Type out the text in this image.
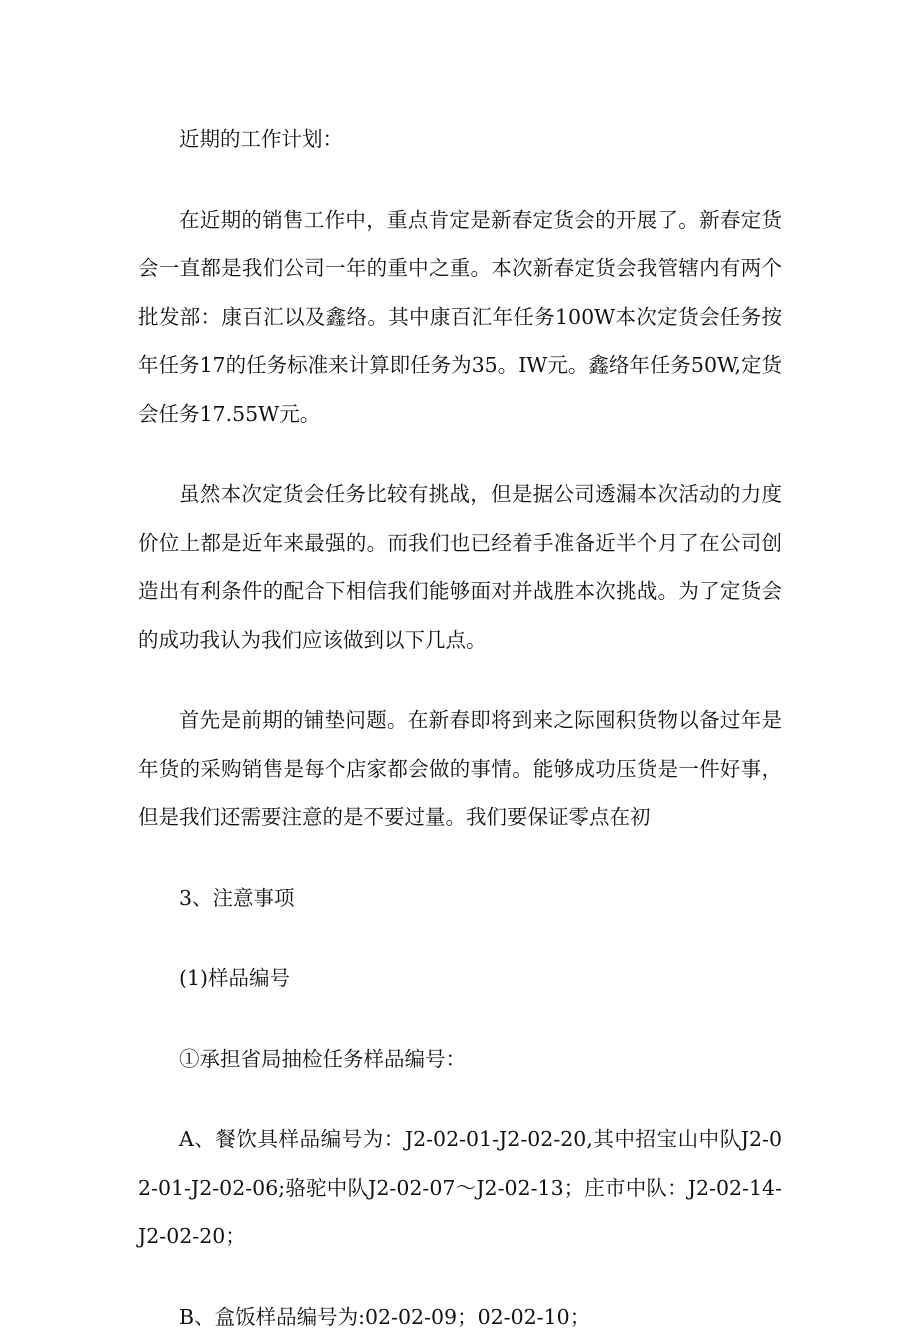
近期的工作计划：

在近期的销售工作中，重点肯定是新春定货会的开展了。新春定货会一直都是我们公司一年的重中之重。本次新春定货会我管辖内有两个批发部：康百汇以及鑫络。其中康百汇年任务100W本次定货会任务按年任务17的任务标准来计算即任务为35。IW元。鑫络年任务50W,定货会任务17.55W元。

虽然本次定货会任务比较有挑战，但是据公司透漏本次活动的力度价位上都是近年来最强的。而我们也已经着手准备近半个月了在公司创造出有利条件的配合下相信我们能够面对并战胜本次挑战。为了定货会的成功我认为我们应该做到以下几点。

首先是前期的铺垫问题。在新春即将到来之际囤积货物以备过年是年货的采购销售是每个店家都会做的事情。能够成功压货是一件好事，但是我们还需要注意的是不要过量。我们要保证零点在初

3、注意事项

(1)样品编号

①承担省局抽检任务样品编号：

A、餐饮具样品编号为：J2-02-01-J2-02-20,其中招宝山中队J2-02-01-J2-02-06;骆驼中队J2-02-07～J2-02-13；庄市中队：J2-02-14-J2-02-20；

B、盒饭样品编号为:02-02-09；02-02-10；
